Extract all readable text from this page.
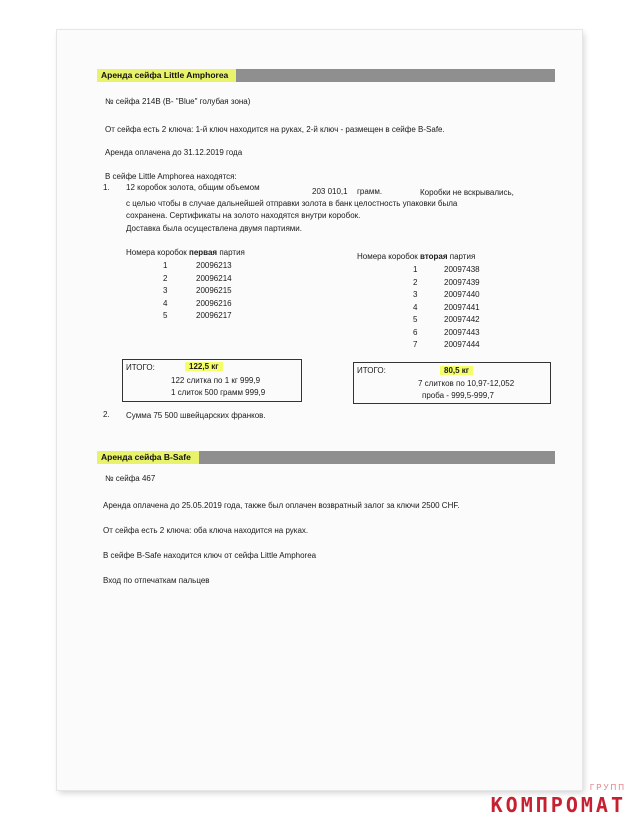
Аренда сейфа Little Amphorea
№ сейфа 214В (В- "Blue" голубая зона)
От сейфа есть 2 ключа: 1-й ключ находится на руках, 2-й ключ - размещен в сейфе B-Safe.
Аренда оплачена до 31.12.2019 года
В сейфе Little Amphorea находятся:
1. 12 коробок золота, общим объемом	203 010,1 грамм.	Коробки не вскрывались,
с целью чтобы в случае дальнейшей отправки золота в банк целостность упаковки была
сохранена. Сертификаты на золото находятся внутри коробок.
Доставка была осуществлена двумя партиями.
Номера коробок первая партия
1	20096213
2	20096214
3	20096215
4	20096216
5	20096217
Номера коробок вторая партия
1	20097438
2	20097439
3	20097440
4	20097441
5	20097442
6	20097443
7	20097444
ИТОГО:	122,5 кг
122 слитка по 1 кг 999,9
1 слиток 500 грамм 999,9
ИТОГО:	80,5 кг
7 слитков по 10,97-12,052
проба - 999,5-999,7
2. Сумма 75 500 швейцарских франков.
Аренда сейфа B-Safe
№ сейфа 467
Аренда оплачена до 25.05.2019 года, также был оплачен возвратный залог за ключи 2500 CHF.
От сейфа есть 2 ключа: оба ключа находится на руках.
В сейфе B-Safe находится ключ от сейфа Little Amphorea
Вход по отпечаткам пальцев
ГРУПП
КОМПРОМАТ
